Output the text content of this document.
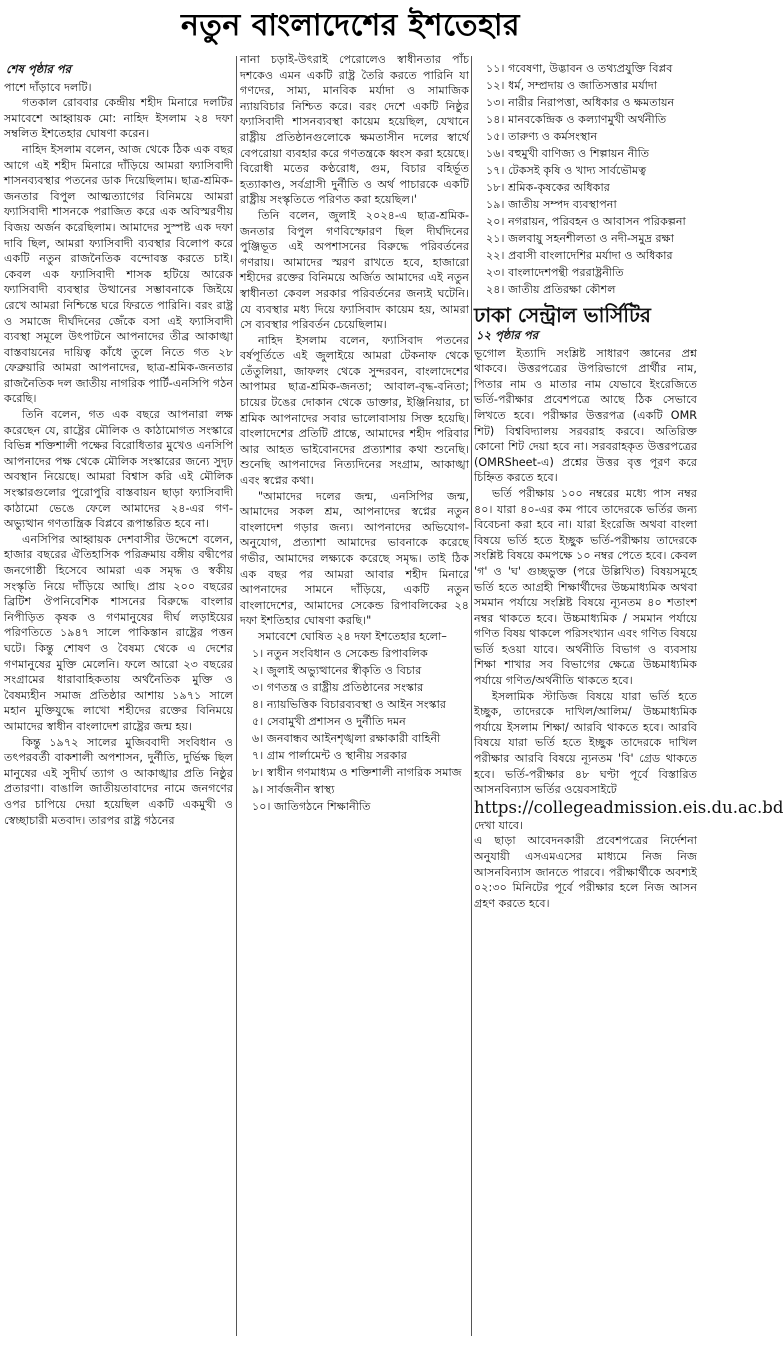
নতুন বাংলাদেশের ইশতেহার
শেষ পৃষ্ঠার পর

পাশে দাঁড়াবে দলটি।

গতকাল রোববার কেন্দ্রীয় শহীদ মিনারে দলটির সমাবেশে আহ্বায়ক মো: নাহিদ ইসলাম ২৪ দফা সম্বলিত ইশতেহার ঘোষণা করেন।

নাহিদ ইসলাম বলেন, আজ থেকে ঠিক এক বছর আগে এই শহীদ মিনারে দাঁড়িয়ে আমরা ফ্যাসিবাদী শাসনব্যবস্থার পতনের ডাক দিয়েছিলাম। ছাত্র-শ্রমিক-জনতার বিপুল আত্মত্যাগের বিনিময়ে আমরা ফ্যাসিবাদী শাসনকে পরাজিত করে এক অবিস্মরণীয় বিজয় অর্জন করেছিলাম। আমাদের সুস্পষ্ট এক দফা দাবি ছিল, আমরা ফ্যাসিবাদী ব্যবস্থার বিলোপ করে একটি নতুন রাজনৈতিক বন্দোবস্ত করতে চাই। কেবল এক ফ্যাসিবাদী শাসক হটিয়ে আরেক ফ্যাসিবাদী ব্যবস্থার উত্থানের সম্ভাবনাকে জিইয়ে রেখে আমরা নিশ্চিন্তে ঘরে ফিরতে পারিনি। বরং রাষ্ট্র ও সমাজে দীর্ঘদিনের জেঁকে বসা এই ফ্যাসিবাদী ব্যবস্থা সমূলে উৎপাটনে আপনাদের তীব্র আকাঙ্খা বাস্তবায়নের দায়িত্ব কাঁধে তুলে নিতে গত ২৮ ফেব্রুয়ারি আমরা আপনাদের, ছাত্র-শ্রমিক-জনতার রাজনৈতিক দল জাতীয় নাগরিক পার্টি-এনসিপি গঠন করেছি।

তিনি বলেন, গত এক বছরে আপনারা লক্ষ করেছেন যে, রাষ্ট্রের মৌলিক ও কাঠামোগত সংস্কারে বিভিন্ন শক্তিশালী পক্ষের বিরোধিতার মুখেও এনসিপি আপনাদের পক্ষ থেকে মৌলিক সংস্কারের জন্যে সুদৃঢ় অবস্থান নিয়েছে। আমরা বিশ্বাস করি এই মৌলিক সংস্কারগুলোর পুরোপুরি বাস্তবায়ন ছাড়া ফ্যাসিবাদী কাঠামো ভেঙে ফেলে আমাদের ২৪-এর গণ-অভ্যুত্থান গণতান্ত্রিক বিপ্লবে রূপান্তরিত হবে না।

এনসিপির আহ্বায়ক দেশবাসীর উদ্দেশে বলেন, হাজার বছরের ঐতিহাসিক পরিক্রমায় বঙ্গীয় বদ্বীপের জনগোষ্ঠী হিসেবে আমরা এক সমৃদ্ধ ও স্বকীয় সংস্কৃতি নিয়ে দাঁড়িয়ে আছি। প্রায় ২০০ বছরের ব্রিটিশ ঔপনিবেশিক শাসনের বিরুদ্ধে বাংলার নিপীড়িত কৃষক ও গণমানুষের দীর্ঘ লড়াইয়ের পরিণতিতে ১৯৪৭ সালে পাকিস্তান রাষ্ট্রের পত্তন ঘটে। কিন্তু শোষণ ও বৈষম্য থেকে এ দেশের গণমানুষের মুক্তি মেলেনি। ফলে আরো ২৩ বছরের সংগ্রামের ধারাবাহিকতায় অর্থনৈতিক মুক্তি ও বৈষম্যহীন সমাজ প্রতিষ্ঠার আশায় ১৯৭১ সালে মহান মুক্তিযুদ্ধে লাখো শহীদের রক্তের বিনিময়ে আমাদের স্বাধীন বাংলাদেশ রাষ্ট্রের জন্ম হয়।

কিন্তু ১৯৭২ সালের মুজিববাদী সংবিধান ও তৎপরবর্তী বাকশালী অপশাসন, দুর্নীতি, দুর্ভিক্ষ ছিল মানুষের এই সুদীর্ঘ ত্যাগ ও আকাঙ্খার প্রতি নিষ্ঠুর প্রতারণা। বাঙালি জাতীয়তাবাদের নামে জনগণের ওপর চাপিয়ে দেয়া হয়েছিল একটি একমুখী ও স্বেচ্ছাচারী মতবাদ। তারপর রাষ্ট্র গঠনের

নানা চড়াই-উৎরাই পেরোলেও স্বাধীনতার পাঁচ দশকেও এমন একটি রাষ্ট্র তৈরি করতে পারিনি যা গণদের, সাম্য, মানবিক মর্যাদা ও সামাজিক ন্যায়বিচার নিশ্চিত করে। বরং দেশে একটি নিষ্ঠুর ফ্যাসিবাদী শাসনব্যবস্থা কায়েম হয়েছিল, যেখানে রাষ্ট্রীয় প্রতিষ্ঠানগুলোকে ক্ষমতাসীন দলের স্বার্থে বেপরোয়া ব্যবহার করে গণতন্ত্রকে ধ্বংস করা হয়েছে। বিরোধী মতের কণ্ঠরোধ, গুম, বিচার বহির্ভূত হত্যাকাণ্ড, সর্বগ্রাসী দুর্নীতি ও অর্থ পাচারকে একটি রাষ্ট্রীয় সংস্কৃতিতে পরিণত করা হয়েছিল।'

তিনি বলেন, জুলাই ২০২৪-এ ছাত্র-শ্রমিক-জনতার বিপুল গণবিস্ফোরণ ছিল দীর্ঘদিনের পুঞ্জিভূত এই অপশাসনের বিরুদ্ধে পরিবর্তনের গণরায়। আমাদের স্মরণ রাখতে হবে, হাজারো শহীদের রক্তের বিনিময়ে অর্জিত আমাদের এই নতুন স্বাধীনতা কেবল সরকার পরিবর্তনের জন্যই ঘটেনি। যে ব্যবস্থার মধ্য দিয়ে ফ্যাসিবাদ কায়েম হয়, আমরা সে ব্যবস্থার পরিবর্তন চেয়েছিলাম।

নাহিদ ইসলাম বলেন, ফ্যাসিবাদ পতনের বর্ষপূর্তিতে এই জুলাইয়ে আমরা টেকনাফ থেকে তেঁতুলিয়া, জাফলং থেকে সুন্দরবন, বাংলাদেশের আপামর ছাত্র-শ্রমিক-জনতা; আবাল-বৃদ্ধ-বনিতা; চায়ের টঙের দোকান থেকে ডাক্তার, ইঞ্জিনিয়ার, চা শ্রমিক আপনাদের সবার ভালোবাসায় সিক্ত হয়েছি। বাংলাদেশের প্রতিটি প্রান্তে, আমাদের শহীদ পরিবার আর আহত ভাইবোনদের প্রত্যাশার কথা শুনেছি। শুনেছি আপনাদের নিত্যদিনের সংগ্রাম, আকাঙ্খা এবং স্বপ্নের কথা।

"আমাদের দলের জন্ম, এনসিপির জন্ম, আমাদের সকল শ্রম, আপনাদের স্বপ্নের নতুন বাংলাদেশ গড়ার জন্য। আপনাদের অভিযোগ-অনুযোগ, প্রত্যাশা আমাদের ভাবনাকে করেছে গভীর, আমাদের লক্ষ্যকে করেছে সমৃদ্ধ। তাই ঠিক এক বছর পর আমরা আবার শহীদ মিনারে আপনাদের সামনে দাঁড়িয়ে, একটি নতুন বাংলাদেশের, আমাদের সেকেন্ড রিপাবলিকের ২৪ দফা ইশতিহার ঘোষণা করছি।"

সমাবেশে ঘোষিত ২৪ দফা ইশতেহার হলো–

১। নতুন সংবিধান ও সেকেন্ড রিপাবলিক
২। জুলাই অভ্যুত্থানের স্বীকৃতি ও বিচার
৩। গণতন্ত্র ও রাষ্ট্রীয় প্রতিষ্ঠানের সংস্কার
৪। ন্যায়ভিত্তিক বিচারব্যবস্থা ও আইন সংস্কার
৫। সেবামুখী প্রশাসন ও দুর্নীতি দমন
৬। জনবান্ধব আইনশৃঙ্খলা রক্ষাকারী বাহিনী
৭। গ্রাম পার্লামেন্ট ও স্থানীয় সরকার
৮। স্বাধীন গণমাধ্যম ও শক্তিশালী নাগরিক সমাজ
৯। সার্বজনীন স্বাস্থ্য
১০। জাতিগঠনে শিক্ষানীতি
১১। গবেষণা, উদ্ভাবন ও তথ্যপ্রযুক্তি বিপ্লব
১২। ধর্ম, সম্প্রদায় ও জাতিসত্তার মর্যাদা
১৩। নারীর নিরাপত্তা, অধিকার ও ক্ষমতায়ন
১৪। মানবকেন্দ্রিক ও কল্যাণমুখী অর্থনীতি
১৫। তারুণ্য ও কর্মসংস্থান
১৬। বহুমুখী বাণিজ্য ও শিল্পায়ন নীতি
১৭। টেকসই কৃষি ও খাদ্য সার্বভৌমত্ব
১৮। শ্রমিক-কৃষকের অধিকার
১৯। জাতীয় সম্পদ ব্যবস্থাপনা
২০। নগরায়ন, পরিবহন ও আবাসন পরিকল্পনা
২১। জলবায়ু সহনশীলতা ও নদী-সমুদ্র রক্ষা
২২। প্রবাসী বাংলাদেশির মর্যাদা ও অধিকার
২৩। বাংলাদেশপন্থী পররাষ্ট্রনীতি
২৪। জাতীয় প্রতিরক্ষা কৌশল
ঢাকা সেন্ট্রাল ভার্সিটির
১২ পৃষ্ঠার পর

ভূগোল ইত্যাদি সংশ্লিষ্ট সাধারণ জ্ঞানের প্রশ্ন থাকবে। উত্তরপত্রের উপরিভাগে প্রার্থীর নাম, পিতার নাম ও মাতার নাম যেভাবে ইংরেজিতে ভর্তি-পরীক্ষার প্রবেশপত্রে আছে ঠিক সেভাবে লিখতে হবে। পরীক্ষার উত্তরপত্র (একটি OMR শিট) বিশ্ববিদ্যালয় সরবরাহ করবে। অতিরিক্ত কোনো শিট দেয়া হবে না। সরবরাহকৃত উত্তরপত্রের (OMRSheet-এ) প্রশ্নের উত্তর বৃত্ত পূরণ করে চিহ্নিত করতে হবে।

ভর্তি পরীক্ষায় ১০০ নম্বরের মধ্যে পাস নম্বর ৪০। যারা ৪০-এর কম পাবে তাদেরকে ভর্তির জন্য বিবেচনা করা হবে না। যারা ইংরেজি অথবা বাংলা বিষয়ে ভর্তি হতে ইচ্ছুক ভর্তি-পরীক্ষায় তাদেরকে সংশ্লিষ্ট বিষয়ে কমপক্ষে ১০ নম্বর পেতে হবে। কেবল 'গ' ও 'ঘ' গুচ্ছভুক্ত (পরে উল্লিখিত) বিষয়সমূহে ভর্তি হতে আগ্রহী শিক্ষার্থীদের উচ্চমাধ্যমিক অথবা সমমান পর্যায়ে সংশ্লিষ্ট বিষয়ে ন্যূনতম ৪০ শতাংশ নম্বর থাকতে হবে। উচ্চমাধ্যমিক / সমমান পর্যায়ে গণিত বিষয় থাকলে পরিসংখ্যান এবং গণিত বিষয়ে ভর্তি হওয়া যাবে। অর্থনীতি বিভাগ ও ব্যবসায় শিক্ষা শাখার সব বিভাগের ক্ষেত্রে উচ্চমাধ্যমিক পর্যায়ে গণিত/অর্থনীতি থাকতে হবে।

ইসলামিক স্টাডিজ বিষয়ে যারা ভর্তি হতে ইচ্ছুক, তাদেরকে দাখিল/আলিম/ উচ্চমাধ্যমিক পর্যায়ে ইসলাম শিক্ষা/ আরবি থাকতে হবে। আরবি বিষয়ে যারা ভর্তি হতে ইচ্ছুক তাদেরকে দাখিল পরীক্ষার আরবি বিষয়ে ন্যূনতম 'বি' গ্রেড থাকতে হবে। ভর্তি-পরীক্ষার ৪৮ ঘণ্টা পূর্বে বিস্তারিত আসনবিন্যাস ভর্তির ওয়েবসাইটে

https://collegeadmission.eis.du.ac.bd দেখা যাবে।

এ ছাড়া আবেদনকারী প্রবেশপত্রের নির্দেশনা অনুযায়ী এসএমএসের মাধ্যমে নিজ নিজ আসনবিন্যাস জানতে পারবে। পরীক্ষার্থীকে অবশ্যই ০২:৩০ মিনিটের পূর্বে পরীক্ষার হলে নিজ আসন গ্রহণ করতে হবে।
